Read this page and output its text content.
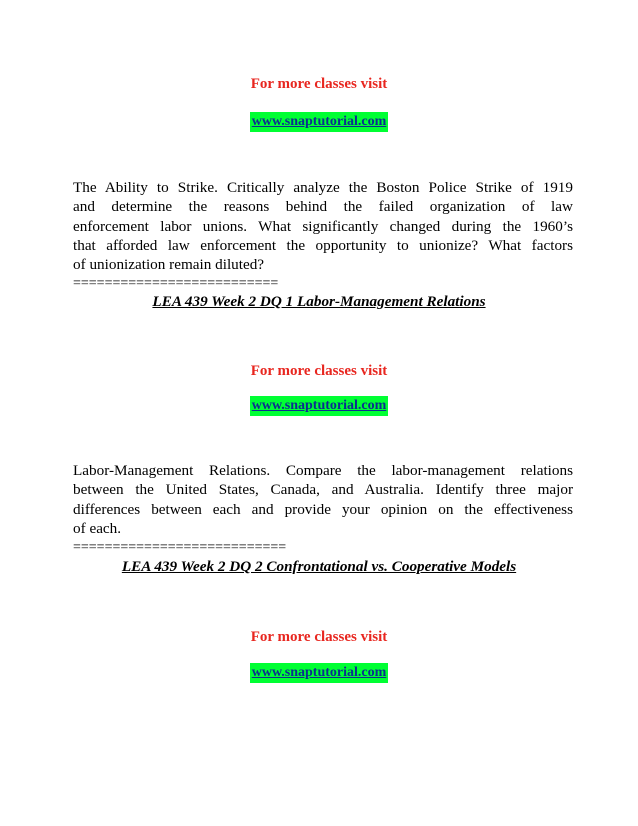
For more classes visit
www.snaptutorial.com
The Ability to Strike. Critically analyze the Boston Police Strike of 1919
and determine the reasons behind the failed organization of law
enforcement labor unions. What significantly changed during the 1960’s
that afforded law enforcement the opportunity to unionize? What factors
of unionization remain diluted?
==========================
LEA 439 Week 2 DQ 1 Labor-Management Relations
For more classes visit
www.snaptutorial.com
Labor-Management Relations. Compare the labor-management relations
between the United States, Canada, and Australia. Identify three major
differences between each and provide your opinion on the effectiveness
of each.
===========================
LEA 439 Week 2 DQ 2 Confrontational vs. Cooperative Models
For more classes visit
www.snaptutorial.com
